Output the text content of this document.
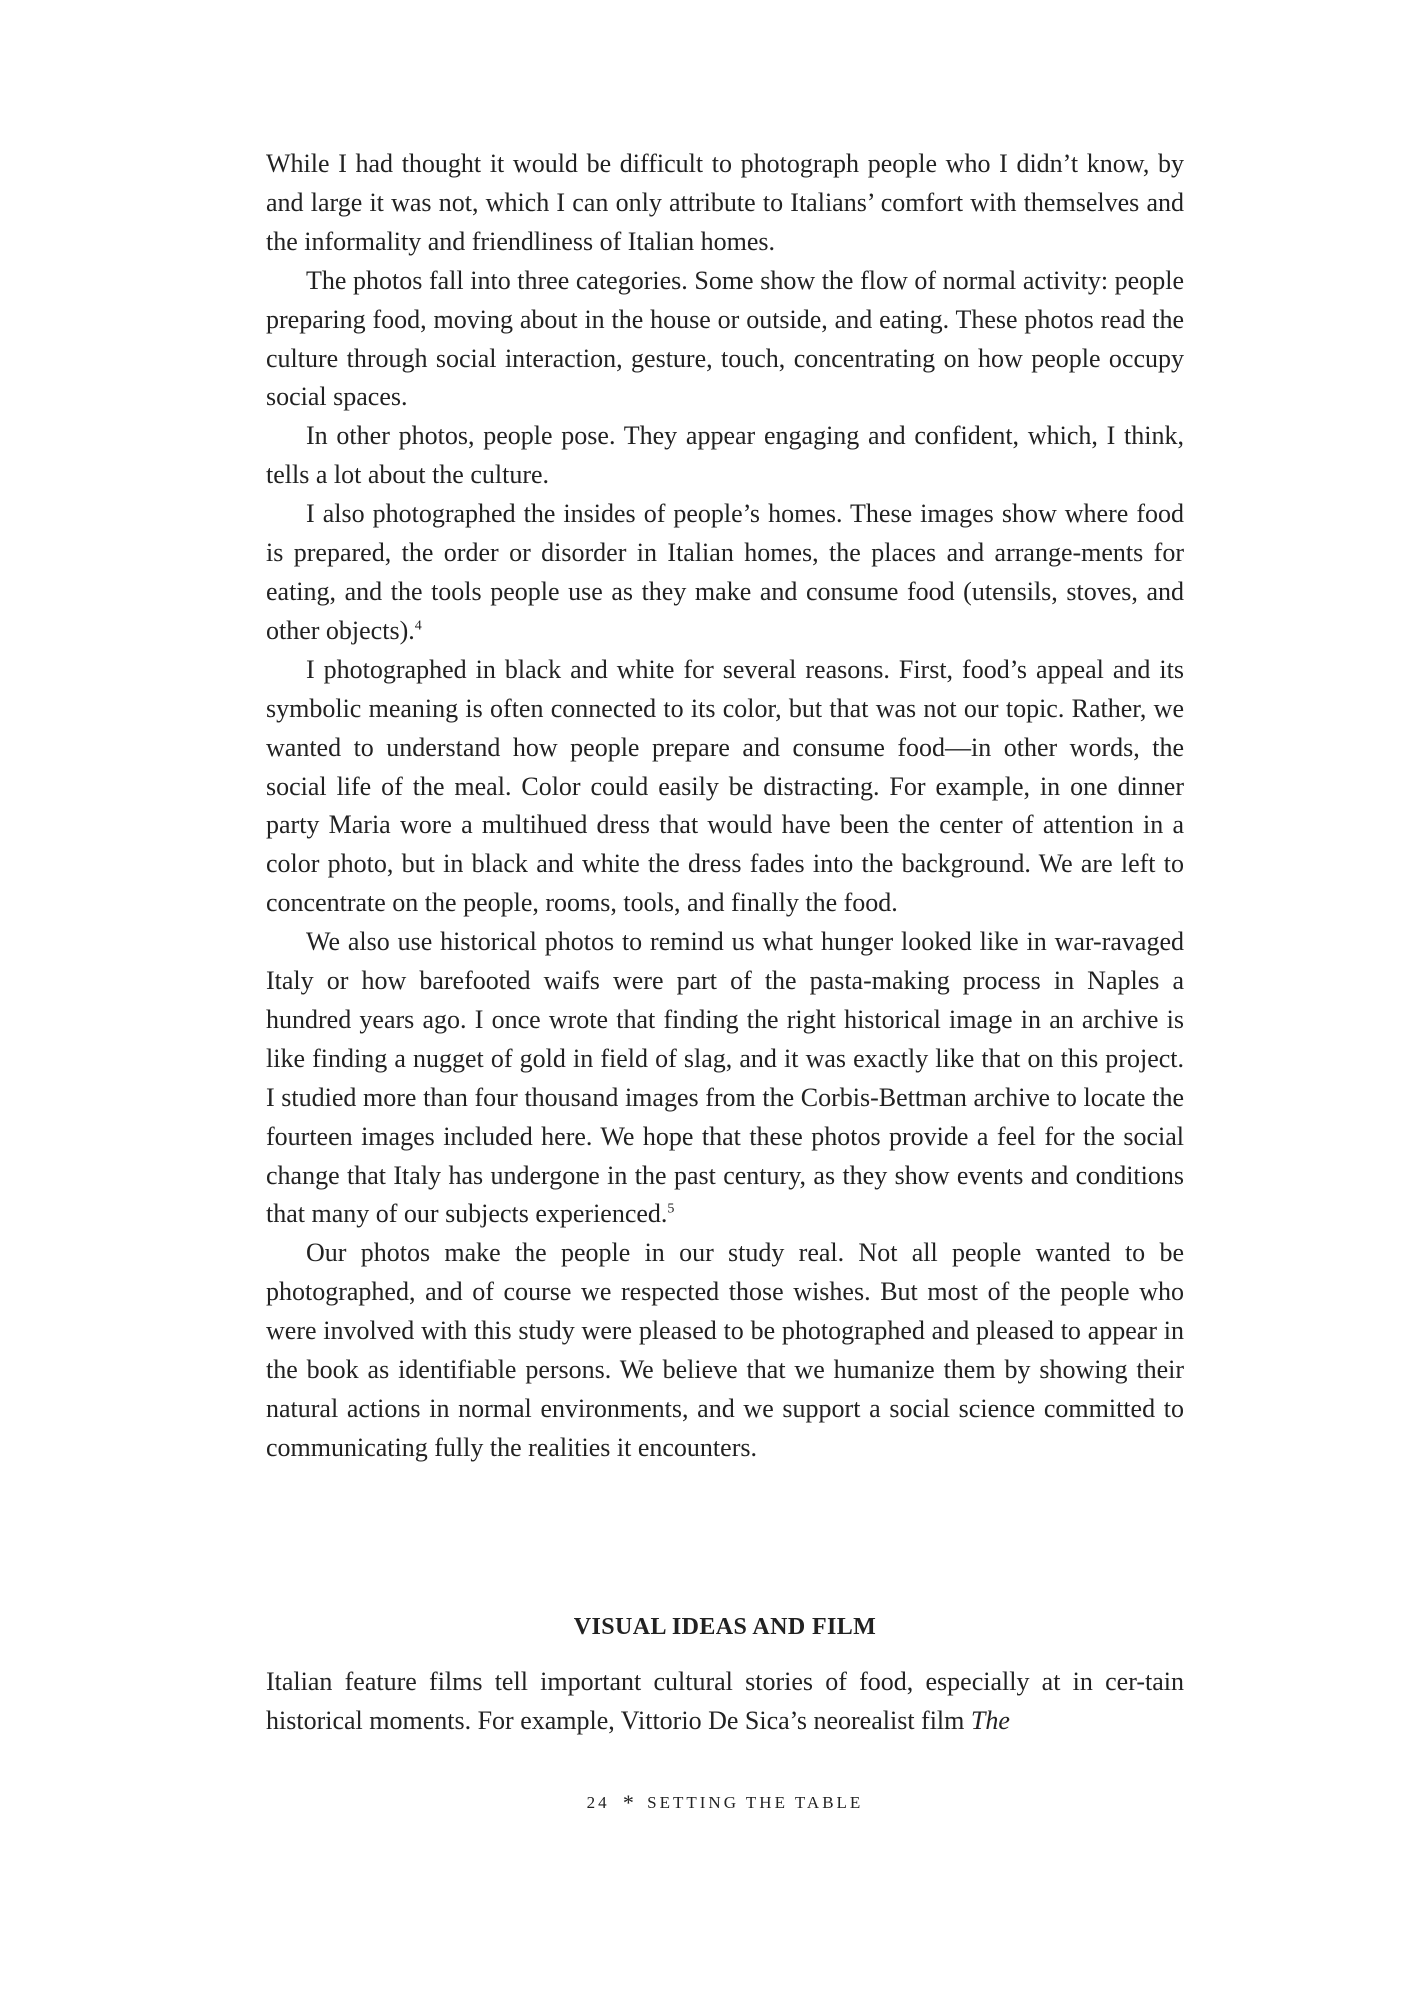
While I had thought it would be difficult to photograph people who I didn’t know, by and large it was not, which I can only attribute to Italians’ comfort with themselves and the informality and friendliness of Italian homes.

The photos fall into three categories. Some show the flow of normal activity: people preparing food, moving about in the house or outside, and eating. These photos read the culture through social interaction, gesture, touch, concentrating on how people occupy social spaces.

In other photos, people pose. They appear engaging and confident, which, I think, tells a lot about the culture.

I also photographed the insides of people’s homes. These images show where food is prepared, the order or disorder in Italian homes, the places and arrange-ments for eating, and the tools people use as they make and consume food (utensils, stoves, and other objects).$^4$

I photographed in black and white for several reasons. First, food’s appeal and its symbolic meaning is often connected to its color, but that was not our topic. Rather, we wanted to understand how people prepare and consume food—in other words, the social life of the meal. Color could easily be distracting. For example, in one dinner party Maria wore a multihued dress that would have been the center of attention in a color photo, but in black and white the dress fades into the background. We are left to concentrate on the people, rooms, tools, and finally the food.

We also use historical photos to remind us what hunger looked like in war-ravaged Italy or how barefooted waifs were part of the pasta-making process in Naples a hundred years ago. I once wrote that finding the right historical image in an archive is like finding a nugget of gold in field of slag, and it was exactly like that on this project. I studied more than four thousand images from the Corbis-Bettman archive to locate the fourteen images included here. We hope that these photos provide a feel for the social change that Italy has undergone in the past century, as they show events and conditions that many of our subjects experienced.$^5$

Our photos make the people in our study real. Not all people wanted to be photographed, and of course we respected those wishes. But most of the people who were involved with this study were pleased to be photographed and pleased to appear in the book as identifiable persons. We believe that we humanize them by showing their natural actions in normal environments, and we support a social science committed to communicating fully the realities it encounters.

VISUAL IDEAS AND FILM

Italian feature films tell important cultural stories of food, especially at in cer-tain historical moments. For example, Vittorio De Sica’s neorealist film The

24 * SETTING THE TABLE
